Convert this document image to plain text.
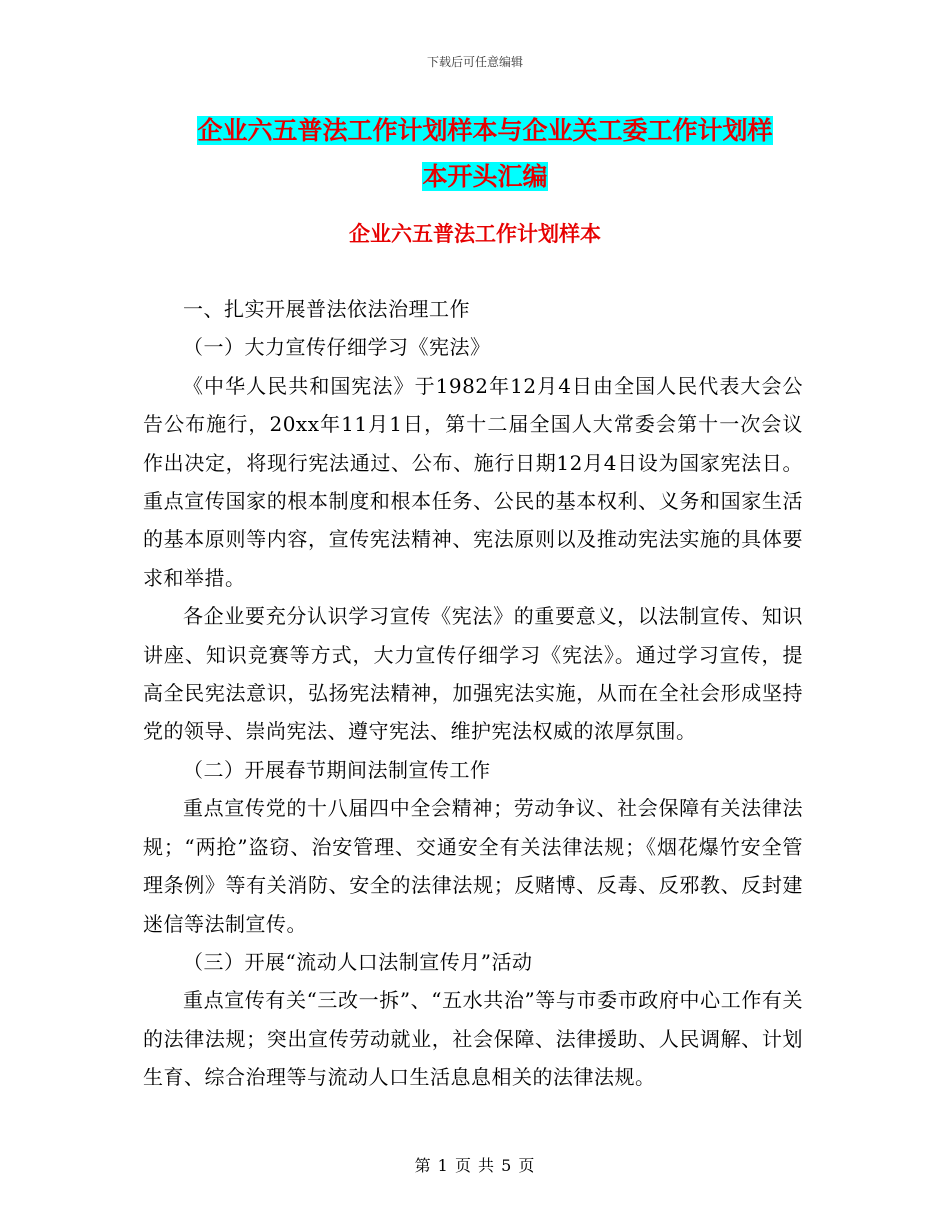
下载后可任意编辑
企业六五普法工作计划样本与企业关工委工作计划样
本开头汇编
企业六五普法工作计划样本

一、扎实开展普法依法治理工作

（一）大力宣传仔细学习《宪法》

《中华人民共和国宪法》于1982年12月4日由全国人民代表大会公告公布施行，20xx年11月1日，第十二届全国人大常委会第十一次会议作出决定，将现行宪法通过、公布、施行日期12月4日设为国家宪法日。重点宣传国家的根本制度和根本任务、公民的基本权利、义务和国家生活的基本原则等内容，宣传宪法精神、宪法原则以及推动宪法实施的具体要求和举措。

各企业要充分认识学习宣传《宪法》的重要意义，以法制宣传、知识讲座、知识竞赛等方式，大力宣传仔细学习《宪法》。通过学习宣传，提高全民宪法意识，弘扬宪法精神，加强宪法实施，从而在全社会形成坚持党的领导、崇尚宪法、遵守宪法、维护宪法权威的浓厚氛围。

（二）开展春节期间法制宣传工作

重点宣传党的十八届四中全会精神；劳动争议、社会保障有关法律法规；“两抢”盗窃、治安管理、交通安全有关法律法规；《烟花爆竹安全管理条例》等有关消防、安全的法律法规；反赌博、反毒、反邪教、反封建迷信等法制宣传。

（三）开展“流动人口法制宣传月”活动

重点宣传有关“三改一拆”、“五水共治”等与市委市政府中心工作有关的法律法规；突出宣传劳动就业，社会保障、法律援助、人民调解、计划生育、综合治理等与流动人口生活息息相关的法律法规。

第 1 页 共 5 页
